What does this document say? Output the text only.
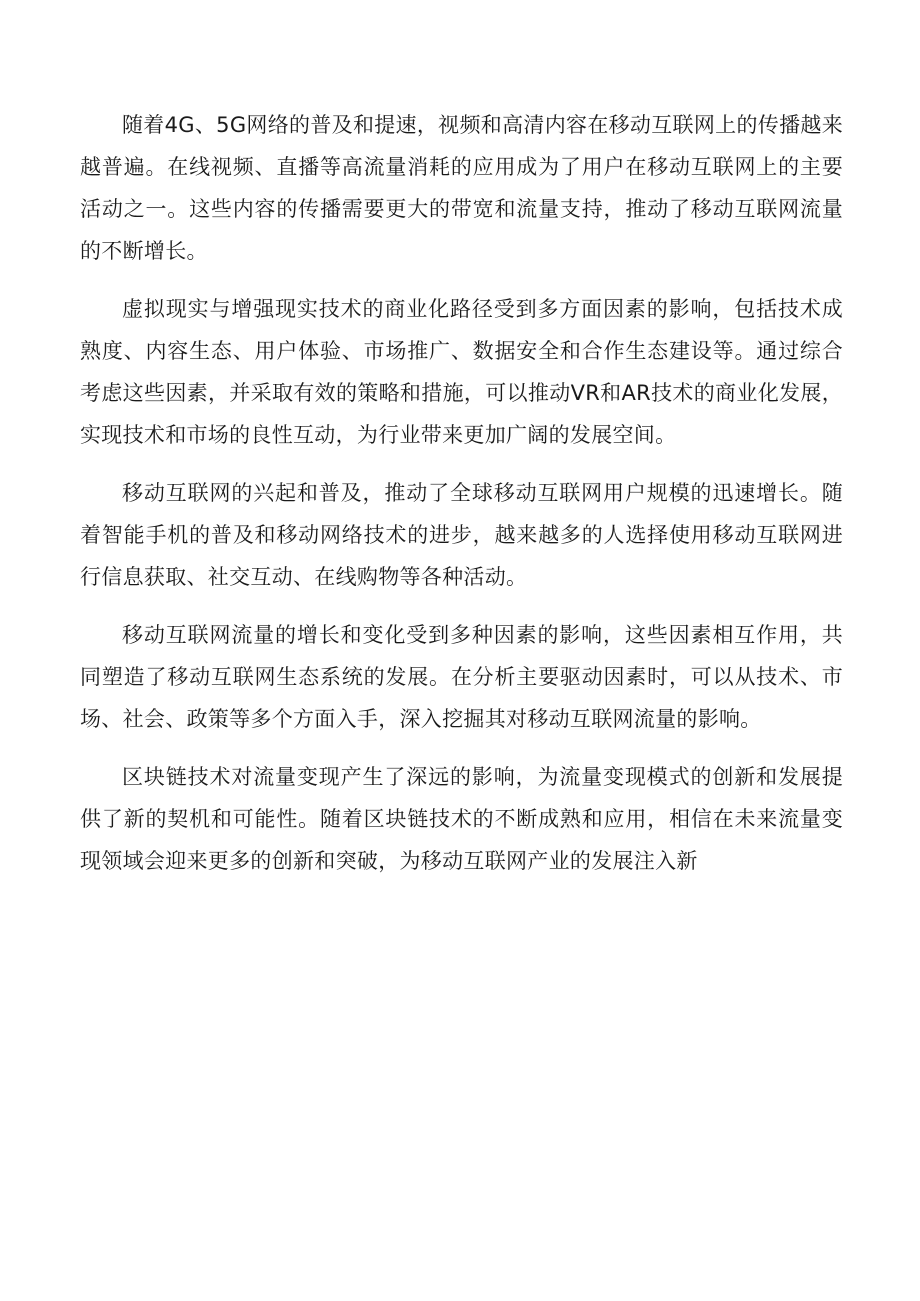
随着4G、5G网络的普及和提速，视频和高清内容在移动互联网上的传播越来越普遍。在线视频、直播等高流量消耗的应用成为了用户在移动互联网上的主要活动之一。这些内容的传播需要更大的带宽和流量支持，推动了移动互联网流量的不断增长。

虚拟现实与增强现实技术的商业化路径受到多方面因素的影响，包括技术成熟度、内容生态、用户体验、市场推广、数据安全和合作生态建设等。通过综合考虑这些因素，并采取有效的策略和措施，可以推动VR和AR技术的商业化发展，实现技术和市场的良性互动，为行业带来更加广阔的发展空间。

移动互联网的兴起和普及，推动了全球移动互联网用户规模的迅速增长。随着智能手机的普及和移动网络技术的进步，越来越多的人选择使用移动互联网进行信息获取、社交互动、在线购物等各种活动。

移动互联网流量的增长和变化受到多种因素的影响，这些因素相互作用，共同塑造了移动互联网生态系统的发展。在分析主要驱动因素时，可以从技术、市场、社会、政策等多个方面入手，深入挖掘其对移动互联网流量的影响。

区块链技术对流量变现产生了深远的影响，为流量变现模式的创新和发展提供了新的契机和可能性。随着区块链技术的不断成熟和应用，相信在未来流量变现领域会迎来更多的创新和突破，为移动互联网产业的发展注入新
